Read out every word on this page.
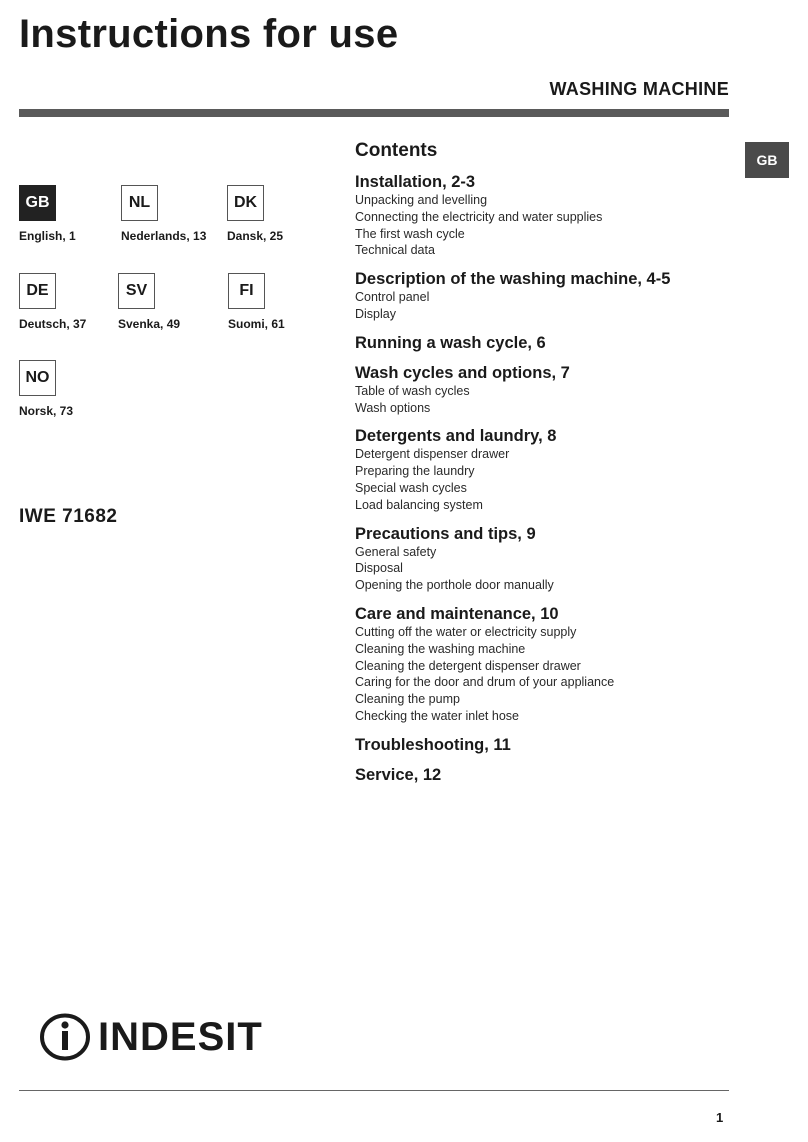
Instructions for use
WASHING MACHINE
GB
GB
English, 1
NL
Nederlands, 13
DK
Dansk, 25
DE
Deutsch, 37
SV
Svenka, 49
FI
Suomi, 61
NO
Norsk, 73
IWE 71682
Contents
Installation, 2-3
Unpacking and levelling
Connecting the electricity and water supplies
The first wash cycle
Technical data
Description of the washing machine, 4-5
Control panel
Display
Running a wash cycle, 6
Wash cycles and options, 7
Table of wash cycles
Wash options
Detergents and laundry, 8
Detergent dispenser drawer
Preparing the laundry
Special wash cycles
Load balancing system
Precautions and tips, 9
General safety
Disposal
Opening the porthole door manually
Care and maintenance, 10
Cutting off the water or electricity supply
Cleaning the washing machine
Cleaning the detergent dispenser drawer
Caring for the door and drum of your appliance
Cleaning the pump
Checking the water inlet hose
Troubleshooting, 11
Service, 12
INDESIT
1
